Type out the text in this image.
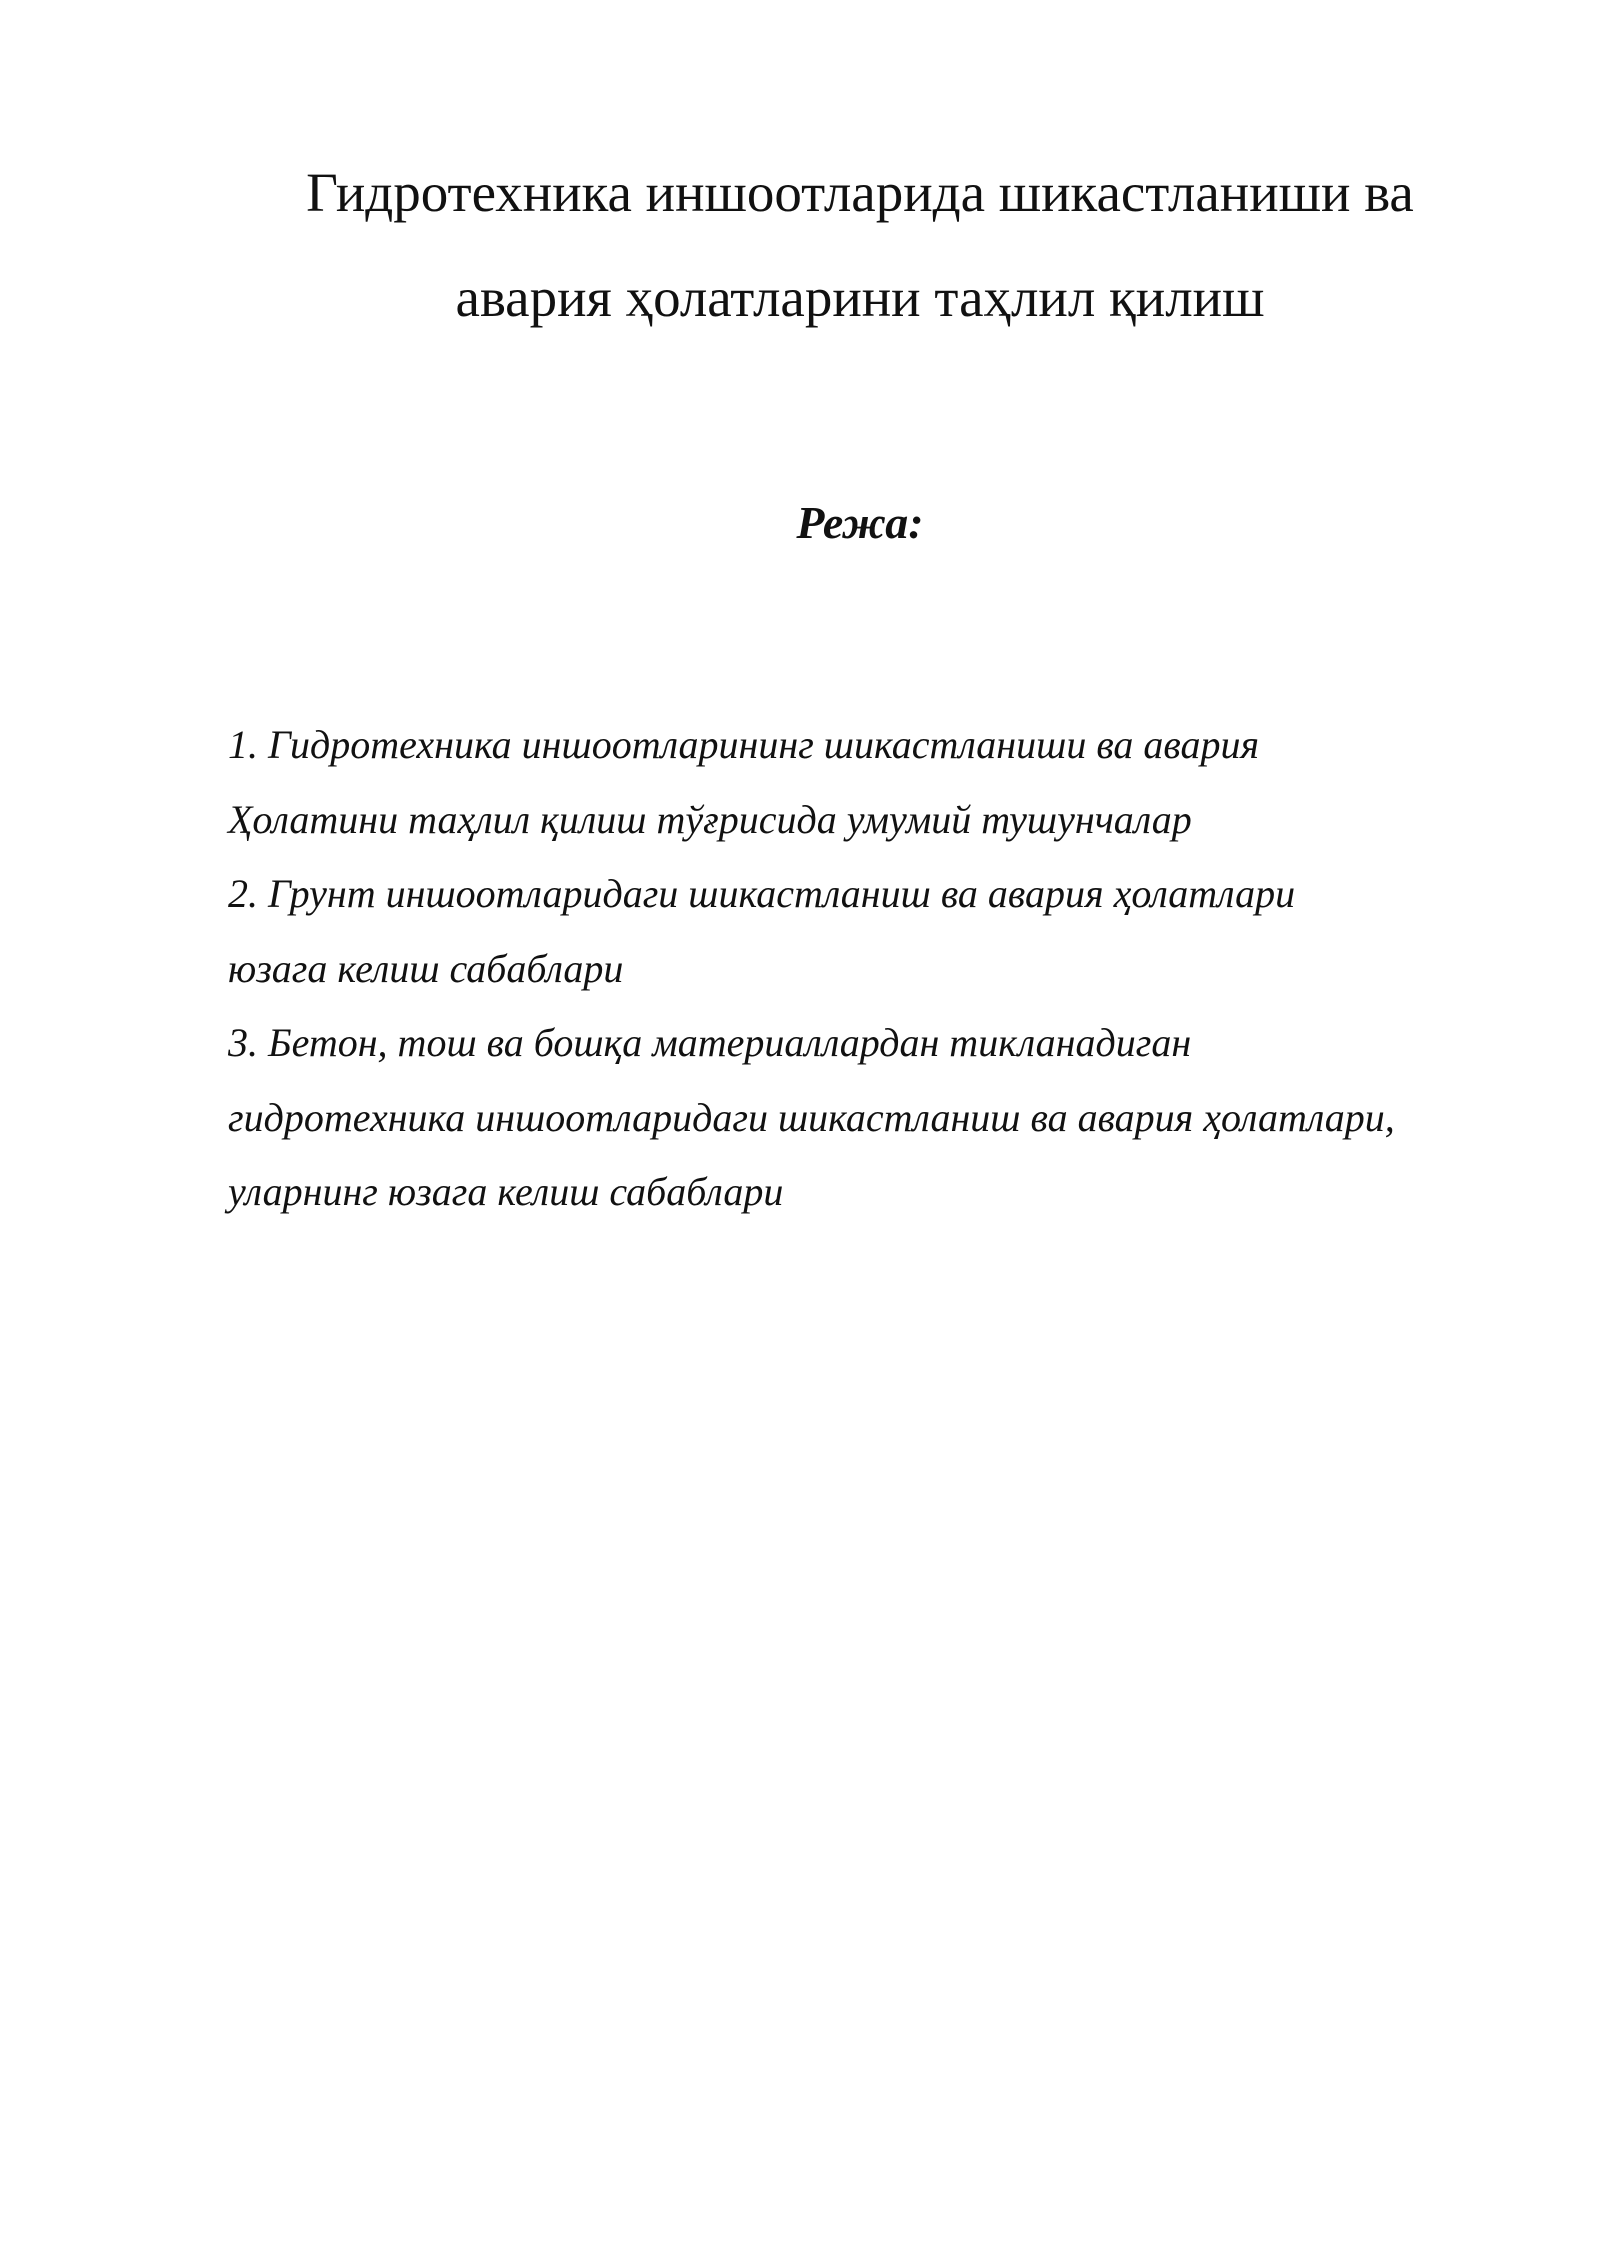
Гидротехника иншоотларида шикастланиши ва
авария ҳолатларини таҳлил қилиш
Режа:
1. Гидротехника иншоотларининг шикастланиши ва авария
Ҳолатини таҳлил қилиш тўғрисида умумий тушунчалар
2. Грунт иншоотларидаги шикастланиш ва авария ҳолатлари
юзага келиш сабаблари
3. Бетон, тош ва бошқа материаллардан тикланадиган
гидротехника иншоотларидаги шикастланиш ва авария ҳолатлари,
уларнинг юзага келиш сабаблари
